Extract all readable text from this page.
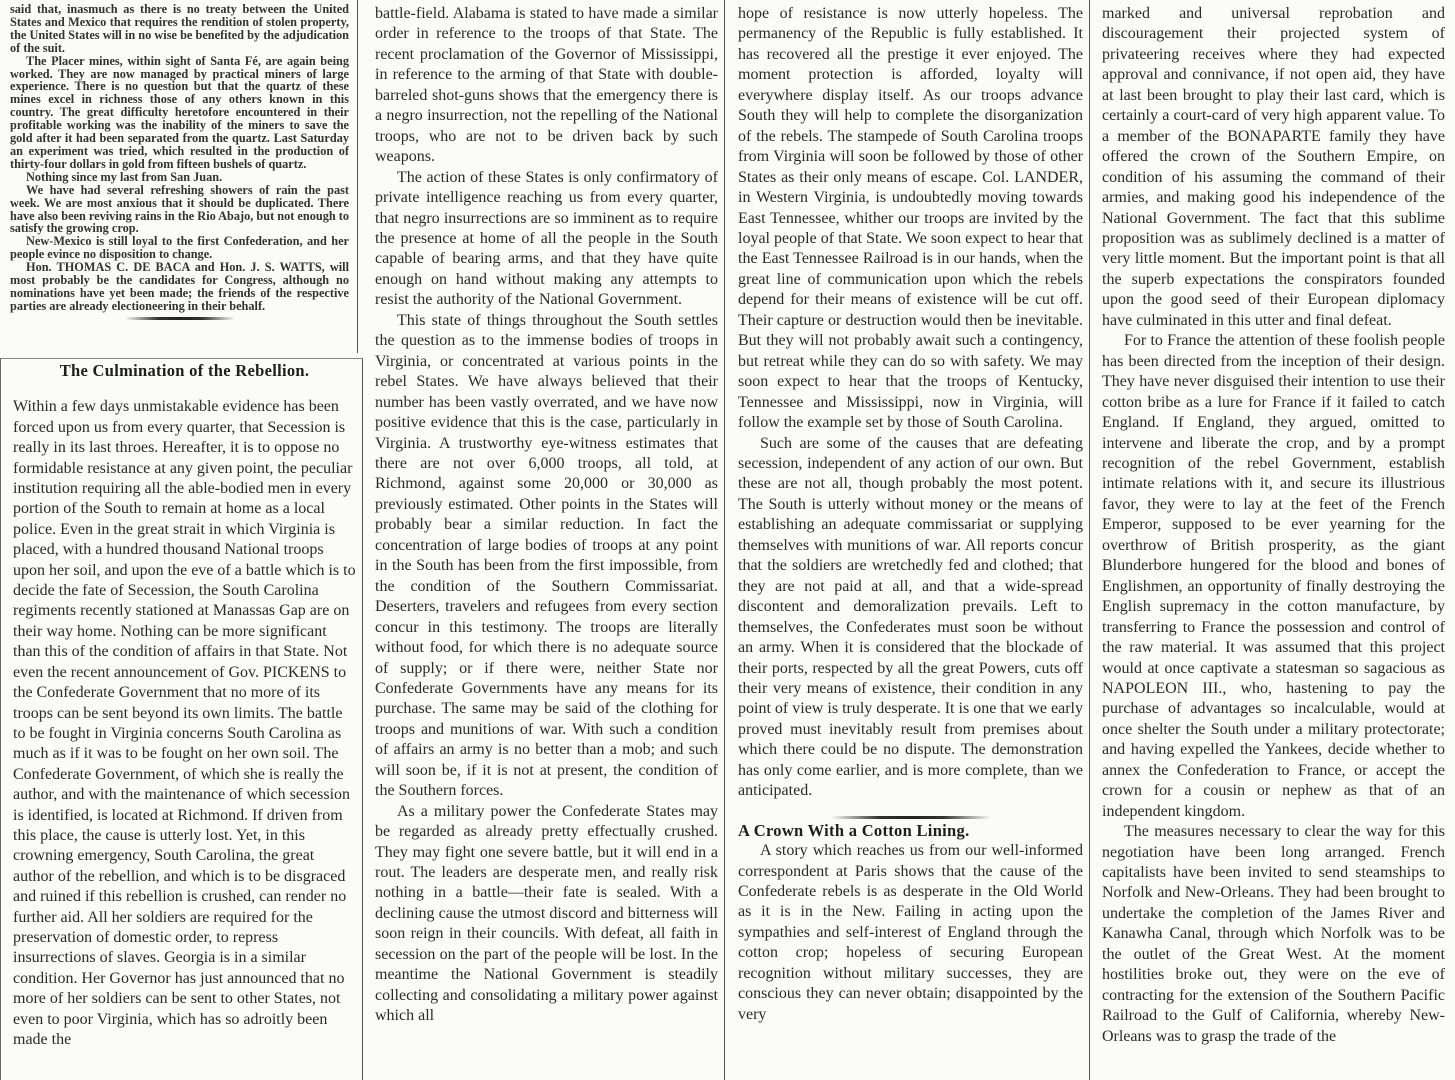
said that, inasmuch as there is no treaty between the United States and Mexico that requires the rendition of stolen property, the United States will in no wise be benefited by the adjudication of the suit.

The Placer mines, within sight of Santa Fé, are again being worked. They are now managed by practical miners of large experience. There is no question but that the quartz of these mines excel in richness those of any others known in this country. The great difficulty heretofore encountered in their profitable working was the inability of the miners to save the gold after it had been separated from the quartz. Last Saturday an experiment was tried, which resulted in the production of thirty-four dollars in gold from fifteen bushels of quartz.

Nothing since my last from San Juan.

We have had several refreshing showers of rain the past week. We are most anxious that it should be duplicated. There have also been reviving rains in the Rio Abajo, but not enough to satisfy the growing crop.

New-Mexico is still loyal to the first Confederation, and her people evince no disposition to change.

Hon. THOMAS C. DE BACA and Hon. J. S. WATTS, will most probably be the candidates for Congress, although no nominations have yet been made; the friends of the respective parties are already electioneering in their behalf.

The Culmination of the Rebellion.

Within a few days unmistakable evidence has been forced upon us from every quarter, that Secession is really in its last throes. Hereafter, it is to oppose no formidable resistance at any given point, the peculiar institution requiring all the able-bodied men in every portion of the South to remain at home as a local police. Even in the great strait in which Virginia is placed, with a hundred thousand National troops upon her soil, and upon the eve of a battle which is to decide the fate of Secession, the South Carolina regiments recently stationed at Manassas Gap are on their way home. Nothing can be more significant than this of the condition of affairs in that State. Not even the recent announcement of Gov. PICKENS to the Confederate Government that no more of its troops can be sent beyond its own limits. The battle to be fought in Virginia concerns South Carolina as much as if it was to be fought on her own soil. The Confederate Government, of which she is really the author, and with the maintenance of which secession is identified, is located at Richmond. If driven from this place, the cause is utterly lost. Yet, in this crowning emergency, South Carolina, the great author of the rebellion, and which is to be disgraced and ruined if this rebellion is crushed, can render no further aid. All her soldiers are required for the preservation of domestic order, to repress insurrections of slaves. Georgia is in a similar condition. Her Governor has just announced that no more of her soldiers can be sent to other States, not even to poor Virginia, which has so adroitly been made the

battle-field. Alabama is stated to have made a similar order in reference to the troops of that State. The recent proclamation of the Governor of Mississippi, in reference to the arming of that State with double-barreled shot-guns shows that the emergency there is a negro insurrection, not the repelling of the National troops, who are not to be driven back by such weapons.

The action of these States is only confirmatory of private intelligence reaching us from every quarter, that negro insurrections are so imminent as to require the presence at home of all the people in the South capable of bearing arms, and that they have quite enough on hand without making any attempts to resist the authority of the National Government.

This state of things throughout the South settles the question as to the immense bodies of troops in Virginia, or concentrated at various points in the rebel States. We have always believed that their number has been vastly overrated, and we have now positive evidence that this is the case, particularly in Virginia. A trustworthy eye-witness estimates that there are not over 6,000 troops, all told, at Richmond, against some 20,000 or 30,000 as previously estimated. Other points in the States will probably bear a similar reduction. In fact the concentration of large bodies of troops at any point in the South has been from the first impossible, from the condition of the Southern Commissariat. Deserters, travelers and refugees from every section concur in this testimony. The troops are literally without food, for which there is no adequate source of supply; or if there were, neither State nor Confederate Governments have any means for its purchase. The same may be said of the clothing for troops and munitions of war. With such a condition of affairs an army is no better than a mob; and such will soon be, if it is not at present, the condition of the Southern forces.

As a military power the Confederate States may be regarded as already pretty effectually crushed. They may fight one severe battle, but it will end in a rout. The leaders are desperate men, and really risk nothing in a battle—their fate is sealed. With a declining cause the utmost discord and bitterness will soon reign in their councils. With defeat, all faith in secession on the part of the people will be lost. In the meantime the National Government is steadily collecting and consolidating a military power against which all

hope of resistance is now utterly hopeless. The permanency of the Republic is fully established. It has recovered all the prestige it ever enjoyed. The moment protection is afforded, loyalty will everywhere display itself. As our troops advance South they will help to complete the disorganization of the rebels. The stampede of South Carolina troops from Virginia will soon be followed by those of other States as their only means of escape. Col. LANDER, in Western Virginia, is undoubtedly moving towards East Tennessee, whither our troops are invited by the loyal people of that State. We soon expect to hear that the East Tennessee Railroad is in our hands, when the great line of communication upon which the rebels depend for their means of existence will be cut off. Their capture or destruction would then be inevitable. But they will not probably await such a contingency, but retreat while they can do so with safety. We may soon expect to hear that the troops of Kentucky, Tennessee and Mississippi, now in Virginia, will follow the example set by those of South Carolina.

Such are some of the causes that are defeating secession, independent of any action of our own. But these are not all, though probably the most potent. The South is utterly without money or the means of establishing an adequate commissariat or supplying themselves with munitions of war. All reports concur that the soldiers are wretchedly fed and clothed; that they are not paid at all, and that a wide-spread discontent and demoralization prevails. Left to themselves, the Confederates must soon be without an army. When it is considered that the blockade of their ports, respected by all the great Powers, cuts off their very means of existence, their condition in any point of view is truly desperate. It is one that we early proved must inevitably result from premises about which there could be no dispute. The demonstration has only come earlier, and is more complete, than we anticipated.

A Crown With a Cotton Lining.

A story which reaches us from our well-informed correspondent at Paris shows that the cause of the Confederate rebels is as desperate in the Old World as it is in the New. Failing in acting upon the sympathies and self-interest of England through the cotton crop; hopeless of securing European recognition without military successes, they are conscious they can never obtain; disappointed by the very

marked and universal reprobation and discouragement their projected system of privateering receives where they had expected approval and connivance, if not open aid, they have at last been brought to play their last card, which is certainly a court-card of very high apparent value. To a member of the BONAPARTE family they have offered the crown of the Southern Empire, on condition of his assuming the command of their armies, and making good his independence of the National Government. The fact that this sublime proposition was as sublimely declined is a matter of very little moment. But the important point is that all the superb expectations the conspirators founded upon the good seed of their European diplomacy have culminated in this utter and final defeat.

For to France the attention of these foolish people has been directed from the inception of their design. They have never disguised their intention to use their cotton bribe as a lure for France if it failed to catch England. If England, they argued, omitted to intervene and liberate the crop, and by a prompt recognition of the rebel Government, establish intimate relations with it, and secure its illustrious favor, they were to lay at the feet of the French Emperor, supposed to be ever yearning for the overthrow of British prosperity, as the giant Blunderbore hungered for the blood and bones of Englishmen, an opportunity of finally destroying the English supremacy in the cotton manufacture, by transferring to France the possession and control of the raw material. It was assumed that this project would at once captivate a statesman so sagacious as NAPOLEON III., who, hastening to pay the purchase of advantages so incalculable, would at once shelter the South under a military protectorate; and having expelled the Yankees, decide whether to annex the Confederation to France, or accept the crown for a cousin or nephew as that of an independent kingdom.

The measures necessary to clear the way for this negotiation have been long arranged. French capitalists have been invited to send steamships to Norfolk and New-Orleans. They had been brought to undertake the completion of the James River and Kanawha Canal, through which Norfolk was to be the outlet of the Great West. At the moment hostilities broke out, they were on the eve of contracting for the extension of the Southern Pacific Railroad to the Gulf of California, whereby New-Orleans was to grasp the trade of the
